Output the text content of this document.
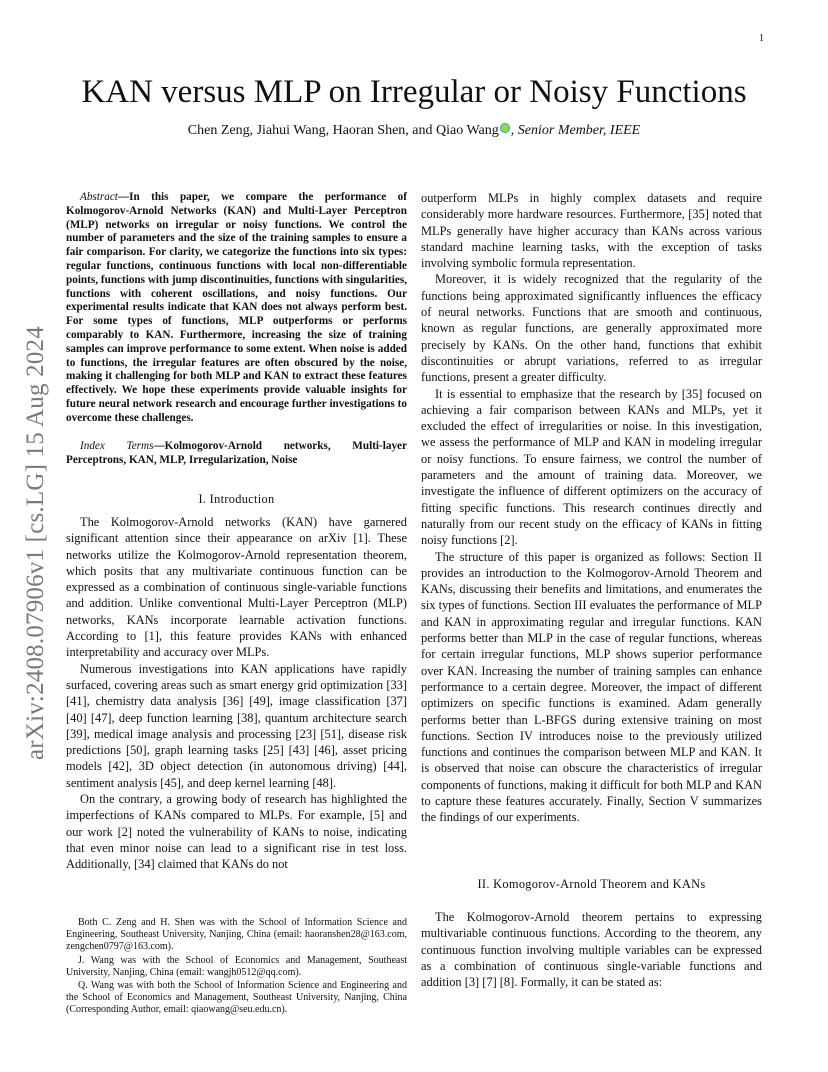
1
arXiv:2408.07906v1 [cs.LG] 15 Aug 2024
KAN versus MLP on Irregular or Noisy Functions
Chen Zeng, Jiahui Wang, Haoran Shen, and Qiao Wang , Senior Member, IEEE
Abstract—In this paper, we compare the performance of Kolmogorov-Arnold Networks (KAN) and Multi-Layer Perceptron (MLP) networks on irregular or noisy functions. We control the number of parameters and the size of the training samples to ensure a fair comparison. For clarity, we categorize the functions into six types: regular functions, continuous functions with local non-differentiable points, functions with jump discontinuities, functions with singularities, functions with coherent oscillations, and noisy functions. Our experimental results indicate that KAN does not always perform best. For some types of functions, MLP outperforms or performs comparably to KAN. Furthermore, increasing the size of training samples can improve performance to some extent. When noise is added to functions, the irregular features are often obscured by the noise, making it challenging for both MLP and KAN to extract these features effectively. We hope these experiments provide valuable insights for future neural network research and encourage further investigations to overcome these challenges.
Index Terms—Kolmogorov-Arnold networks, Multi-layer Perceptrons, KAN, MLP, Irregularization, Noise
I. Introduction

The Kolmogorov-Arnold networks (KAN) have garnered significant attention since their appearance on arXiv [1]. These networks utilize the Kolmogorov-Arnold representation theorem, which posits that any multivariate continuous function can be expressed as a combination of continuous single-variable functions and addition. Unlike conventional Multi-Layer Perceptron (MLP) networks, KANs incorporate learnable activation functions. According to [1], this feature provides KANs with enhanced interpretability and accuracy over MLPs.

Numerous investigations into KAN applications have rapidly surfaced, covering areas such as smart energy grid optimization [33] [41], chemistry data analysis [36] [49], image classification [37] [40] [47], deep function learning [38], quantum architecture search [39], medical image analysis and processing [23] [51], disease risk predictions [50], graph learning tasks [25] [43] [46], asset pricing models [42], 3D object detection (in autonomous driving) [44], sentiment analysis [45], and deep kernel learning [48].

On the contrary, a growing body of research has highlighted the imperfections of KANs compared to MLPs. For example, [5] and our work [2] noted the vulnerability of KANs to noise, indicating that even minor noise can lead to a significant rise in test loss. Additionally, [34] claimed that KANs do not

Both C. Zeng and H. Shen was with the School of Information Science and Engineering, Southeast University, Nanjing, China (email: haoranshen28@163.com, zengchen0797@163.com).

J. Wang was with the School of Economics and Management, Southeast University, Nanjing, China (email: wangjh0512@qq.com).

Q. Wang was with both the School of Information Science and Engineering and the School of Economics and Management, Southeast University, Nanjing, China (Corresponding Author, email: qiaowang@seu.edu.cn).

outperform MLPs in highly complex datasets and require considerably more hardware resources. Furthermore, [35] noted that MLPs generally have higher accuracy than KANs across various standard machine learning tasks, with the exception of tasks involving symbolic formula representation.

Moreover, it is widely recognized that the regularity of the functions being approximated significantly influences the efficacy of neural networks. Functions that are smooth and continuous, known as regular functions, are generally approximated more precisely by KANs. On the other hand, functions that exhibit discontinuities or abrupt variations, referred to as irregular functions, present a greater difficulty.

It is essential to emphasize that the research by [35] focused on achieving a fair comparison between KANs and MLPs, yet it excluded the effect of irregularities or noise. In this investigation, we assess the performance of MLP and KAN in modeling irregular or noisy functions. To ensure fairness, we control the number of parameters and the amount of training data. Moreover, we investigate the influence of different optimizers on the accuracy of fitting specific functions. This research continues directly and naturally from our recent study on the efficacy of KANs in fitting noisy functions [2].

The structure of this paper is organized as follows: Section II provides an introduction to the Kolmogorov-Arnold Theorem and KANs, discussing their benefits and limitations, and enumerates the six types of functions. Section III evaluates the performance of MLP and KAN in approximating regular and irregular functions. KAN performs better than MLP in the case of regular functions, whereas for certain irregular functions, MLP shows superior performance over KAN. Increasing the number of training samples can enhance performance to a certain degree. Moreover, the impact of different optimizers on specific functions is examined. Adam generally performs better than L-BFGS during extensive training on most functions. Section IV introduces noise to the previously utilized functions and continues the comparison between MLP and KAN. It is observed that noise can obscure the characteristics of irregular components of functions, making it difficult for both MLP and KAN to capture these features accurately. Finally, Section V summarizes the findings of our experiments.

II. Komogorov-Arnold Theorem and KANs

The Kolmogorov-Arnold theorem pertains to expressing multivariable continuous functions. According to the theorem, any continuous function involving multiple variables can be expressed as a combination of continuous single-variable functions and addition [3] [7] [8]. Formally, it can be stated as:
